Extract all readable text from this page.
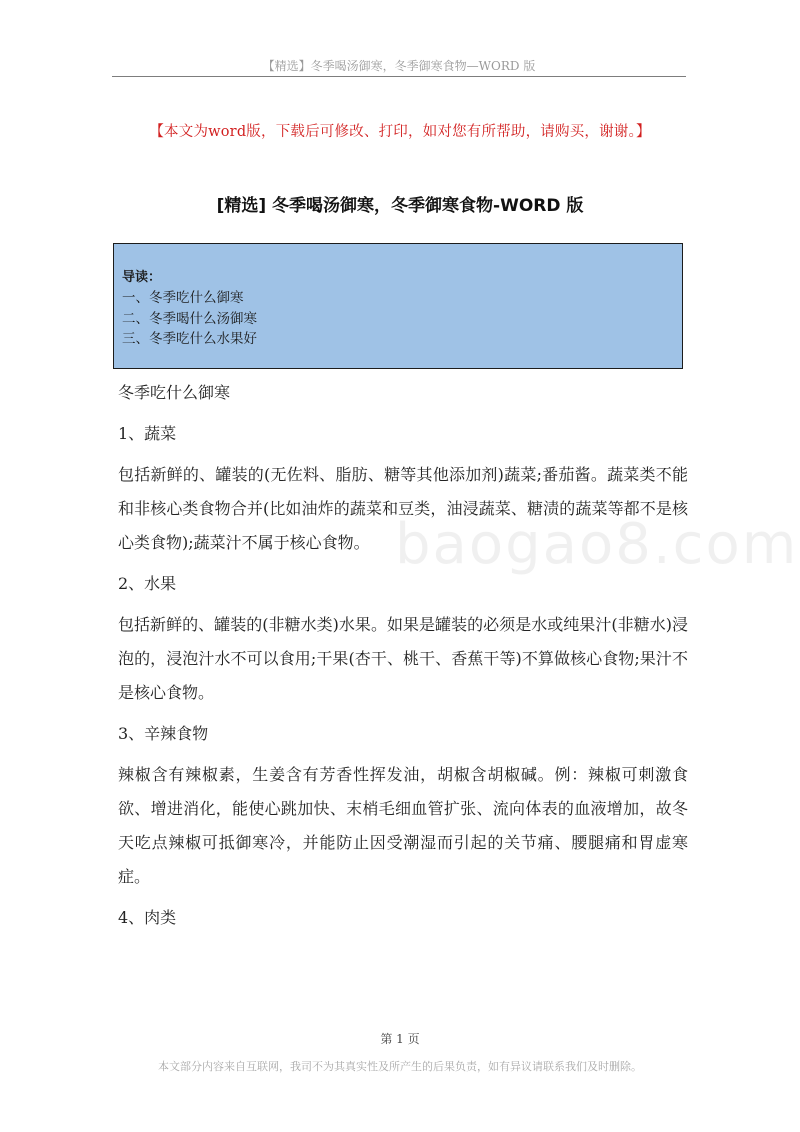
【精选】冬季喝汤御寒，冬季御寒食物—WORD 版
【本文为word版，下载后可修改、打印，如对您有所帮助，请购买，谢谢。】
[精选] 冬季喝汤御寒，冬季御寒食物-WORD 版
导读：
一、冬季吃什么御寒
二、冬季喝什么汤御寒
三、冬季吃什么水果好
baogao8.com
冬季吃什么御寒
1、蔬菜
包括新鲜的、罐装的(无佐料、脂肪、糖等其他添加剂)蔬菜;番茄酱。蔬菜类不能和非核心类食物合并(比如油炸的蔬菜和豆类，油浸蔬菜、糖渍的蔬菜等都不是核心类食物);蔬菜汁不属于核心食物。
2、水果
包括新鲜的、罐装的(非糖水类)水果。如果是罐装的必须是水或纯果汁(非糖水)浸泡的，浸泡汁水不可以食用;干果(杏干、桃干、香蕉干等)不算做核心食物;果汁不是核心食物。
3、辛辣食物
辣椒含有辣椒素，生姜含有芳香性挥发油，胡椒含胡椒碱。例：辣椒可刺激食欲、增进消化，能使心跳加快、末梢毛细血管扩张、流向体表的血液增加，故冬天吃点辣椒可抵御寒冷，并能防止因受潮湿而引起的关节痛、腰腿痛和胃虚寒症。
4、肉类
第 1 页
本文部分内容来自互联网，我司不为其真实性及所产生的后果负责，如有异议请联系我们及时删除。
